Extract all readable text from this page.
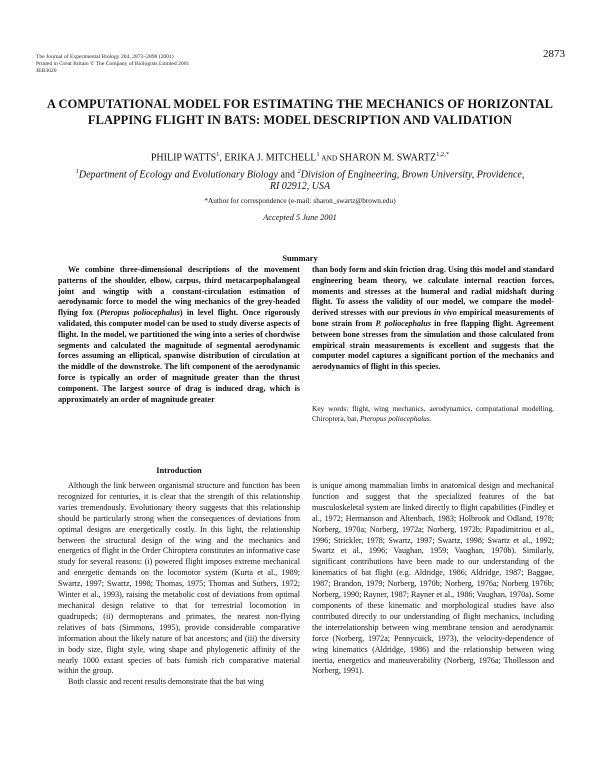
The Journal of Experimental Biology 204, 2873–2898 (2001)
Printed in Great Britain © The Company of Biologists Limited 2001
JEB3620
2873
A COMPUTATIONAL MODEL FOR ESTIMATING THE MECHANICS OF HORIZONTAL FLAPPING FLIGHT IN BATS: MODEL DESCRIPTION AND VALIDATION
PHILIP WATTS$^1$, ERIKA J. MITCHELL$^1$ AND SHARON M. $SWARTZ^{1,2,*}$
$^1$Department of Ecology and Evolutionary Biology and $^2$Division of Engineering, Brown University, Providence,
RI 02912, USA
*Author for correspondence (e-mail: sharon_swartz@brown.edu)
Accepted 5 June 2001
Summary

We combine three-dimensional descriptions of the movement patterns of the shoulder, elbow, carpus, third metacarpophalangeal joint and wingtip with a constant-circulation estimation of aerodynamic force to model the wing mechanics of the grey-headed flying fox (Pteropus poliocephalus) in level flight. Once rigorously validated, this computer model can be used to study diverse aspects of flight. In the model, we partitioned the wing into a series of chordwise segments and calculated the magnitude of segmental aerodynamic forces assuming an elliptical, spanwise distribution of circulation at the middle of the downstroke. The lift component of the aerodynamic force is typically an order of magnitude greater than the thrust component. The largest source of drag is induced drag, which is approximately an order of magnitude greater

than body form and skin friction drag. Using this model and standard engineering beam theory, we calculate internal reaction forces, moments and stresses at the humeral and radial midshaft during flight. To assess the validity of our model, we compare the model-derived stresses with our previous in vivo empirical measurements of bone strain from P. poliocephalus in free flapping flight. Agreement between bone stresses from the simulation and those calculated from empirical strain measurements is excellent and suggests that the computer model captures a significant portion of the mechanics and aerodynamics of flight in this species.

Key words: flight, wing mechanics, aerodynamics, computational modelling, Chiroptera, bat, Pteropus poliocephalus.
Introduction

Although the link between organismal structure and function has been recognized for centuries, it is clear that the strength of this relationship varies tremendously. Evolutionary theory suggests that this relationship should be particularly strong when the consequences of deviations from optimal designs are energetically costly. In this light, the relationship between the structural design of the wing and the mechanics and energetics of flight in the Order Chiroptera constitutes an informative case study for several reasons: (i) powered flight imposes extreme mechanical and energetic demands on the locomotor system (Kurta et al., 1989; Swartz, 1997; Swartz, 1998; Thomas, 1975; Thomas and Suthers, 1972; Winter et al., 1993), raising the metabolic cost of deviations from optimal mechanical design relative to that for terrestrial locomotion in quadrupeds; (ii) dermopterans and primates, the nearest non-flying relatives of bats (Simmons, 1995), provide considerable comparative information about the likely nature of bat ancestors; and (iii) the diversity in body size, flight style, wing shape and phylogenetic affinity of the nearly 1000 extant species of bats furnish rich comparative material within the group.

Both classic and recent results demonstrate that the bat wing

is unique among mammalian limbs in anatomical design and mechanical function and suggest that the specialized features of the bat musculoskeletal system are linked directly to flight capabilities (Findley et al., 1972; Hermanson and Altenbach, 1983; Holbrook and Odland, 1978; Norberg, 1970a; Norberg, 1972a; Norberg, 1972b; Papadimitriou et al., 1996; Strickler, 1978; Swartz, 1997; Swartz, 1998; Swartz et al., 1992; Swartz et al., 1996; Vaughan, 1959; Vaughan, 1970b). Similarly, significant contributions have been made to our understanding of the kinematics of bat flight (e.g. Aldridge, 1986; Aldridge, 1987; Baggøe, 1987; Brandon, 1979; Norberg, 1970b; Norberg, 1976a; Norberg 1976b; Norberg, 1990; Rayner, 1987; Rayner et al., 1986; Vaughan, 1970a). Some components of these kinematic and morphological studies have also contributed directly to our understanding of flight mechanics, including the interrelationship between wing membrane tension and aerodynamic force (Norberg, 1972a; Pennycuick, 1973), the velocity-dependence of wing kinematics (Aldridge, 1986) and the relationship between wing inertia, energetics and maneuverability (Norberg, 1976a; Thollesson and Norberg, 1991).
